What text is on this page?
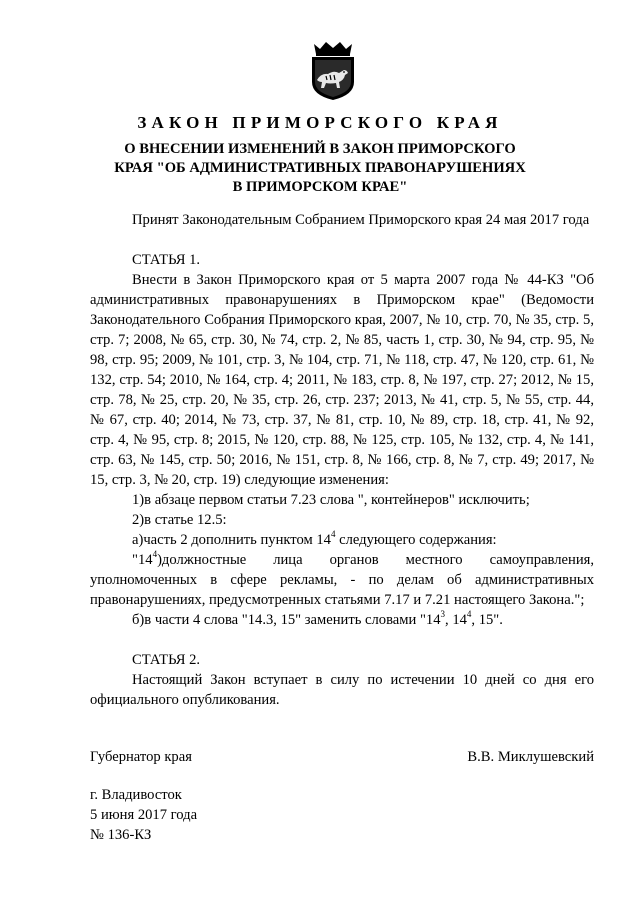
ЗАКОН ПРИМОРСКОГО КРАЯ
О ВНЕСЕНИИ ИЗМЕНЕНИЙ В ЗАКОН ПРИМОРСКОГО
КРАЯ "ОБ АДМИНИСТРАТИВНЫХ ПРАВОНАРУШЕНИЯХ
В ПРИМОРСКОМ КРАЕ"

Принят Законодательным Собранием Приморского края 24 мая 2017 года

СТАТЬЯ 1.

Внести в Закон Приморского края от 5 марта 2007 года № 44-КЗ "Об административных правонарушениях в Приморском крае" (Ведомости Законодательного Собрания Приморского края, 2007, № 10, стр. 70, № 35, стр. 5, стр. 7; 2008, № 65, стр. 30, № 74, стр. 2, № 85, часть 1, стр. 30, № 94, стр. 95, № 98, стр. 95; 2009, № 101, стр. 3, № 104, стр. 71, № 118, стр. 47, № 120, стр. 61, № 132, стр. 54; 2010, № 164, стр. 4; 2011, № 183, стр. 8, № 197, стр. 27; 2012, № 15, стр. 78, № 25, стр. 20, № 35, стр. 26, стр. 237; 2013, № 41, стр. 5, № 55, стр. 44, № 67, стр. 40; 2014, № 73, стр. 37, № 81, стр. 10, № 89, стр. 18, стр. 41, № 92, стр. 4, № 95, стр. 8; 2015, № 120, стр. 88, № 125, стр. 105, № 132, стр. 4, № 141, стр. 63, № 145, стр. 50; 2016, № 151, стр. 8, № 166, стр. 8, № 7, стр. 49; 2017, № 15, стр. 3, № 20, стр. 19) следующие изменения:

1)в абзаце первом статьи 7.23 слова ", контейнеров" исключить;

2)в статье 12.5:

а)часть 2 дополнить пунктом $14^4$ следующего содержания:

"$14^4)должностные$ лица органов местного самоуправления, уполномоченных в сфере рекламы, - по делам об административных правонарушениях, предусмотренных статьями 7.17 и 7.21 настоящего Закона.";

б)в части 4 слова "14.3, 15" заменить словами "$14^3$, $14^4$, 15".

СТАТЬЯ 2.

Настоящий Закон вступает в силу по истечении 10 дней со дня его официального опубликования.

Губернатор края	В.В. Миклушевский
г. Владивосток
5 июня 2017 года
№ 136-КЗ
